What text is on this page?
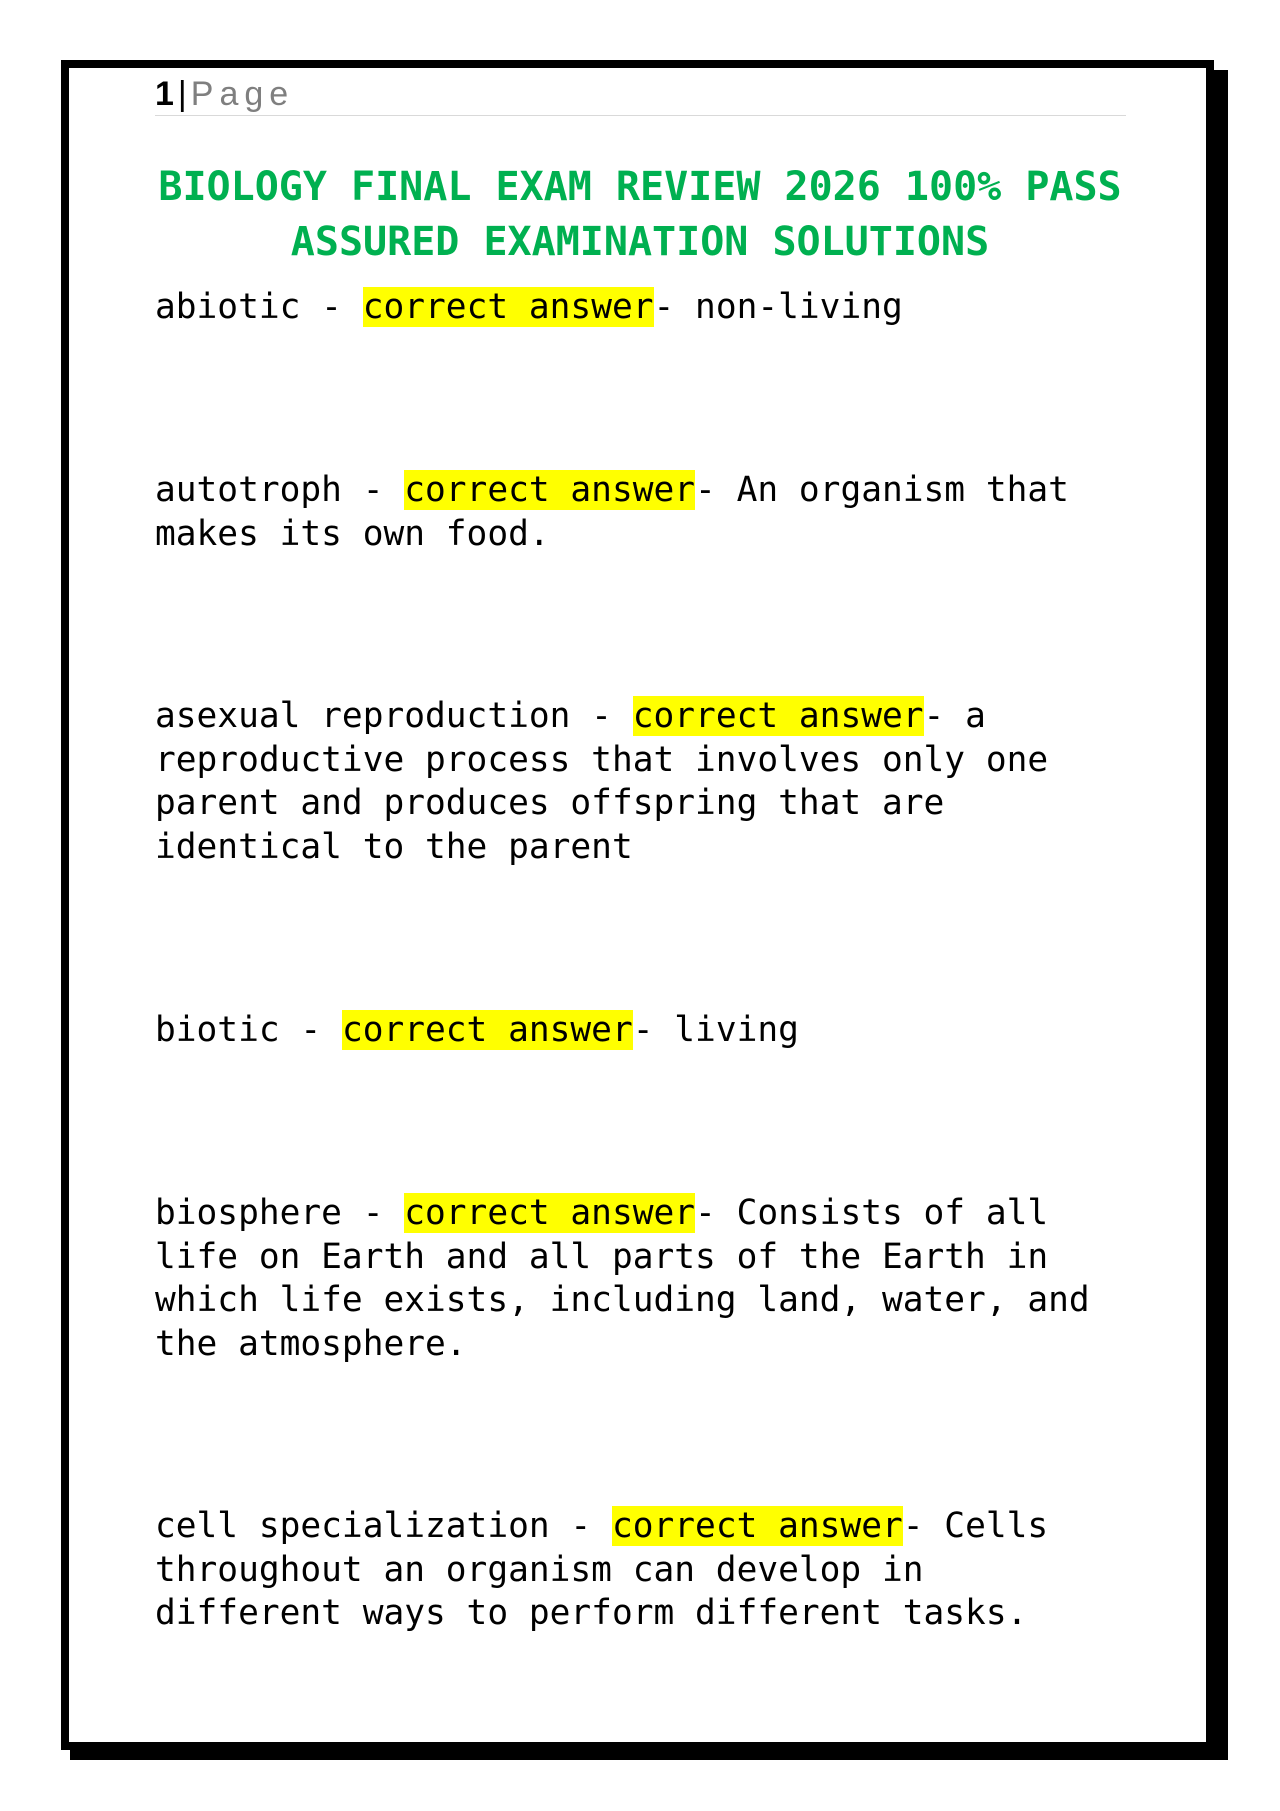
1 | Page
BIOLOGY FINAL EXAM REVIEW 2026 100% PASS ASSURED EXAMINATION SOLUTIONS

abiotic - correct answer- non-living

autotroph - correct answer- An organism that
makes its own food.

asexual reproduction - correct answer- a
reproductive process that involves only one
parent and produces offspring that are
identical to the parent

biotic - correct answer- living

biosphere - correct answer- Consists of all
life on Earth and all parts of the Earth in
which life exists, including land, water, and
the atmosphere.

cell specialization - correct answer- Cells
throughout an organism can develop in
different ways to perform different tasks.
